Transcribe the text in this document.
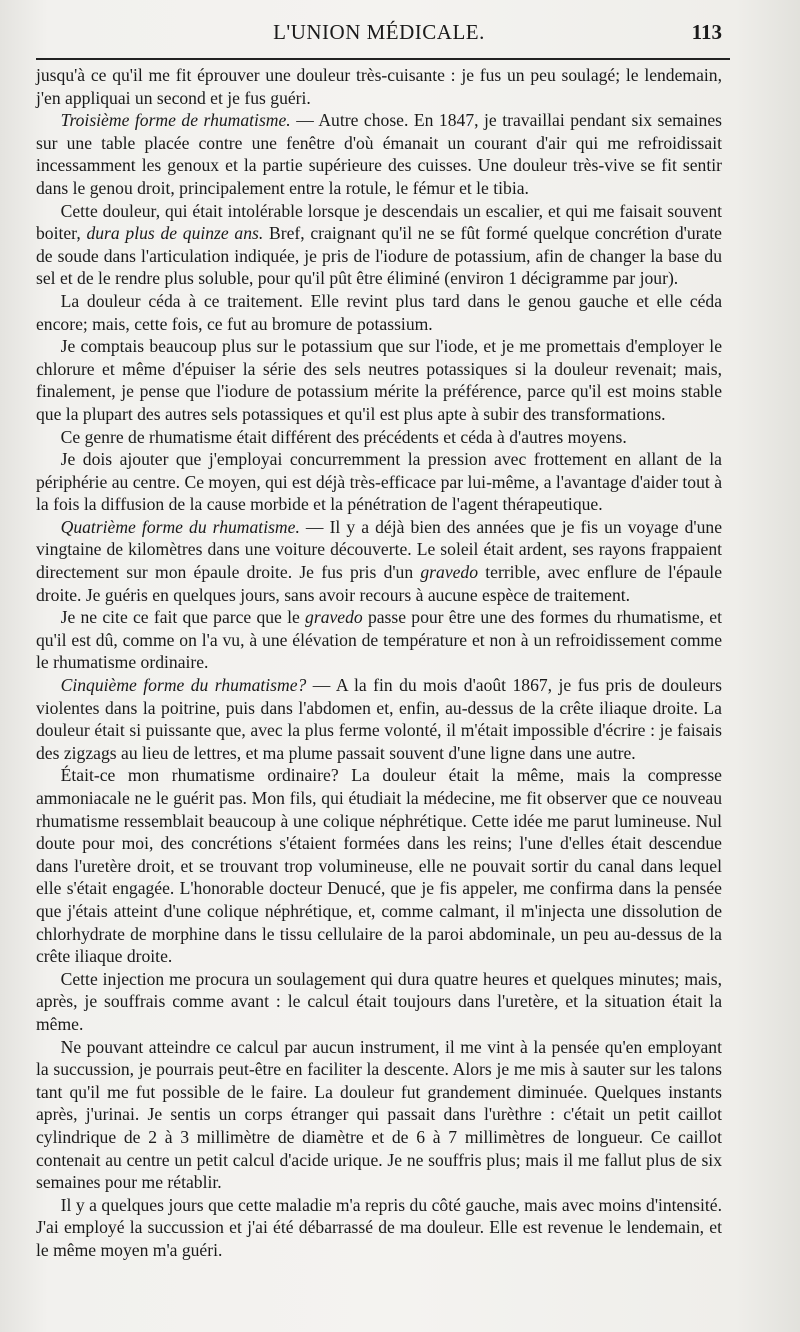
L'UNION MÉDICALE.	113

jusqu'à ce qu'il me fit éprouver une douleur très-cuisante : je fus un peu soulagé; le lendemain, j'en appliquai un second et je fus guéri.

Troisième forme de rhumatisme. — Autre chose. En 1847, je travaillai pendant six semaines sur une table placée contre une fenêtre d'où émanait un courant d'air qui me refroidissait incessamment les genoux et la partie supérieure des cuisses. Une douleur très-vive se fit sentir dans le genou droit, principalement entre la rotule, le fémur et le tibia.

Cette douleur, qui était intolérable lorsque je descendais un escalier, et qui me faisait souvent boiter, dura plus de quinze ans. Bref, craignant qu'il ne se fût formé quelque concrétion d'urate de soude dans l'articulation indiquée, je pris de l'iodure de potassium, afin de changer la base du sel et de le rendre plus soluble, pour qu'il pût être éliminé (environ 1 décigramme par jour).

La douleur céda à ce traitement. Elle revint plus tard dans le genou gauche et elle céda encore; mais, cette fois, ce fut au bromure de potassium.

Je comptais beaucoup plus sur le potassium que sur l'iode, et je me promettais d'employer le chlorure et même d'épuiser la série des sels neutres potassiques si la douleur revenait; mais, finalement, je pense que l'iodure de potassium mérite la préférence, parce qu'il est moins stable que la plupart des autres sels potassiques et qu'il est plus apte à subir des transformations.

Ce genre de rhumatisme était différent des précédents et céda à d'autres moyens.

Je dois ajouter que j'employai concurremment la pression avec frottement en allant de la périphérie au centre. Ce moyen, qui est déjà très-efficace par lui-même, a l'avantage d'aider tout à la fois la diffusion de la cause morbide et la pénétration de l'agent thérapeutique.

Quatrième forme du rhumatisme. — Il y a déjà bien des années que je fis un voyage d'une vingtaine de kilomètres dans une voiture découverte. Le soleil était ardent, ses rayons frappaient directement sur mon épaule droite. Je fus pris d'un gravedo terrible, avec enflure de l'épaule droite. Je guéris en quelques jours, sans avoir recours à aucune espèce de traitement.

Je ne cite ce fait que parce que le gravedo passe pour être une des formes du rhumatisme, et qu'il est dû, comme on l'a vu, à une élévation de température et non à un refroidissement comme le rhumatisme ordinaire.

Cinquième forme du rhumatisme? — A la fin du mois d'août 1867, je fus pris de douleurs violentes dans la poitrine, puis dans l'abdomen et, enfin, au-dessus de la crête iliaque droite. La douleur était si puissante que, avec la plus ferme volonté, il m'était impossible d'écrire : je faisais des zigzags au lieu de lettres, et ma plume passait souvent d'une ligne dans une autre.

Était-ce mon rhumatisme ordinaire? La douleur était la même, mais la compresse ammoniacale ne le guérit pas. Mon fils, qui étudiait la médecine, me fit observer que ce nouveau rhumatisme ressemblait beaucoup à une colique néphrétique. Cette idée me parut lumineuse. Nul doute pour moi, des concrétions s'étaient formées dans les reins; l'une d'elles était descendue dans l'uretère droit, et se trouvant trop volumineuse, elle ne pouvait sortir du canal dans lequel elle s'était engagée. L'honorable docteur Denucé, que je fis appeler, me confirma dans la pensée que j'étais atteint d'une colique néphrétique, et, comme calmant, il m'injecta une dissolution de chlorhydrate de morphine dans le tissu cellulaire de la paroi abdominale, un peu au-dessus de la crête iliaque droite.

Cette injection me procura un soulagement qui dura quatre heures et quelques minutes; mais, après, je souffrais comme avant : le calcul était toujours dans l'uretère, et la situation était la même.

Ne pouvant atteindre ce calcul par aucun instrument, il me vint à la pensée qu'en employant la succussion, je pourrais peut-être en faciliter la descente. Alors je me mis à sauter sur les talons tant qu'il me fut possible de le faire. La douleur fut grandement diminuée. Quelques instants après, j'urinai. Je sentis un corps étranger qui passait dans l'urèthre : c'était un petit caillot cylindrique de 2 à 3 millimètre de diamètre et de 6 à 7 millimètres de longueur. Ce caillot contenait au centre un petit calcul d'acide urique. Je ne souffris plus; mais il me fallut plus de six semaines pour me rétablir.

Il y a quelques jours que cette maladie m'a repris du côté gauche, mais avec moins d'intensité. J'ai employé la succussion et j'ai été débarrassé de ma douleur. Elle est revenue le lendemain, et le même moyen m'a guéri.
